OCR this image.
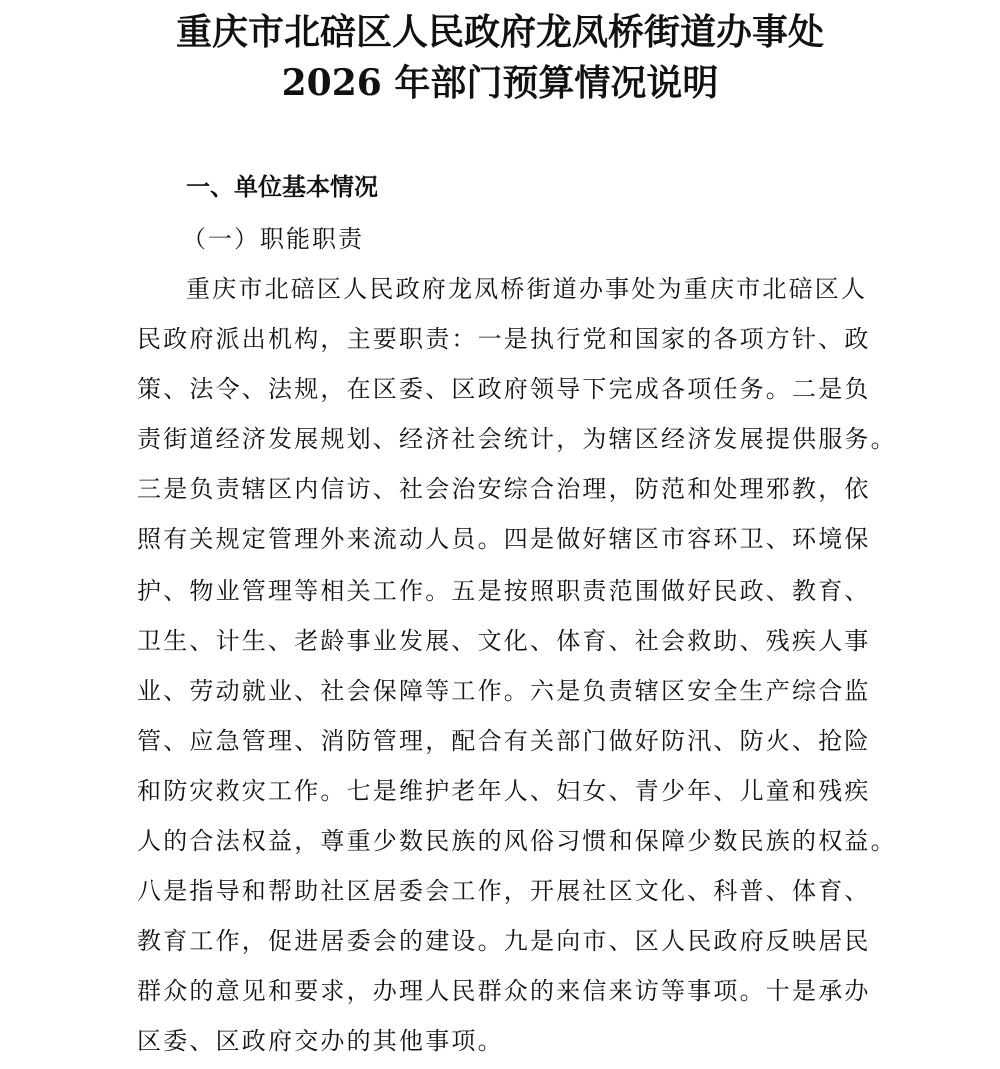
重庆市北碚区人民政府龙凤桥街道办事处
2026 年部门预算情况说明
一、单位基本情况
（一）职能职责
重庆市北碚区人民政府龙凤桥街道办事处为重庆市北碚区人
民政府派出机构，主要职责：一是执行党和国家的各项方针、政
策、法令、法规，在区委、区政府领导下完成各项任务。二是负
责街道经济发展规划、经济社会统计，为辖区经济发展提供服务。
三是负责辖区内信访、社会治安综合治理，防范和处理邪教，依
照有关规定管理外来流动人员。四是做好辖区市容环卫、环境保
护、物业管理等相关工作。五是按照职责范围做好民政、教育、
卫生、计生、老龄事业发展、文化、体育、社会救助、残疾人事
业、劳动就业、社会保障等工作。六是负责辖区安全生产综合监
管、应急管理、消防管理，配合有关部门做好防汛、防火、抢险
和防灾救灾工作。七是维护老年人、妇女、青少年、儿童和残疾
人的合法权益，尊重少数民族的风俗习惯和保障少数民族的权益。
八是指导和帮助社区居委会工作，开展社区文化、科普、体育、
教育工作，促进居委会的建设。九是向市、区人民政府反映居民
群众的意见和要求，办理人民群众的来信来访等事项。十是承办
区委、区政府交办的其他事项。
